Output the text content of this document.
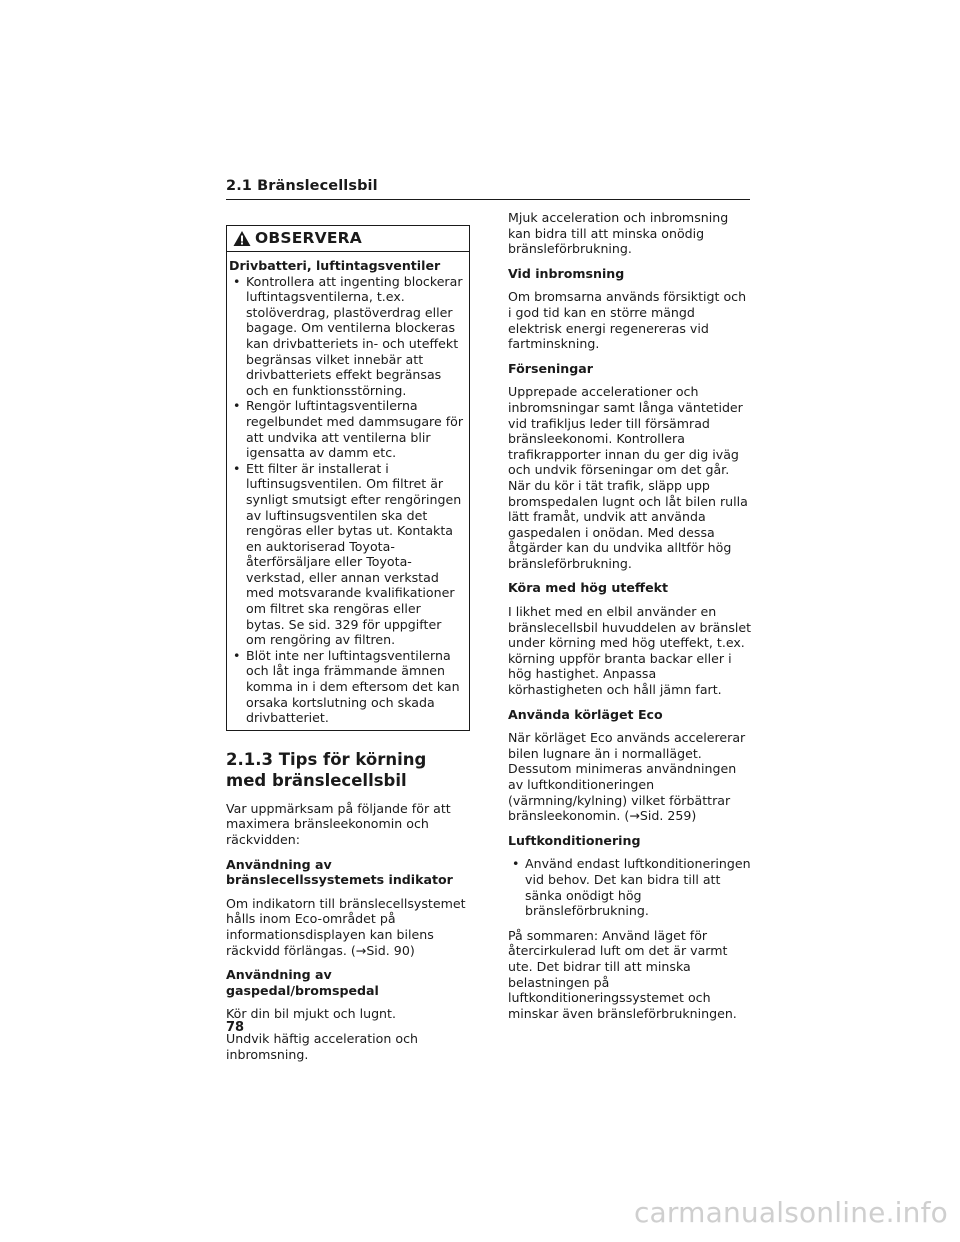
2.1 Bränslecellsbil
OBSERVERA
Drivbatteri, luftintagsventiler
• Kontrollera att ingenting blockerar luftintagsventilerna, t.ex. stolöverdrag, plastöverdrag eller bagage. Om ventilerna blockeras kan drivbatteriets in- och uteffekt begränsas vilket innebär att drivbatteriets effekt begränsas och en funktionsstörning.
• Rengör luftintagsventilerna regelbundet med dammsugare för att undvika att ventilerna blir igensatta av damm etc.
• Ett filter är installerat i luftinsugsventilen. Om filtret är synligt smutsigt efter rengöringen av luftinsugsventilen ska det rengöras eller bytas ut. Kontakta en auktoriserad Toyota-återförsäljare eller Toyota-verkstad, eller annan verkstad med motsvarande kvalifikationer om filtret ska rengöras eller bytas. Se sid. 329 för uppgifter om rengöring av filtren.
• Blöt inte ner luftintagsventilerna och låt inga främmande ämnen komma in i dem eftersom det kan orsaka kortslutning och skada drivbatteriet.
2.1.3 Tips för körning med bränslecellsbil

Var uppmärksam på följande för att maximera bränsleekonomin och räckvidden:

Användning av bränslecellssystemets indikator

Om indikatorn till bränslecellsystemet hålls inom Eco-området på informationsdisplayen kan bilens räckvidd förlängas. (→Sid. 90)

Användning av gaspedal/bromspedal

Kör din bil mjukt och lugnt.

Undvik häftig acceleration och inbromsning.

Mjuk acceleration och inbromsning kan bidra till att minska onödig bränsleförbrukning.

Vid inbromsning

Om bromsarna används försiktigt och i god tid kan en större mängd elektrisk energi regenereras vid fartminskning.

Förseningar

Upprepade accelerationer och inbromsningar samt långa väntetider vid trafikljus leder till försämrad bränsleekonomi. Kontrollera trafikrapporter innan du ger dig iväg och undvik förseningar om det går. När du kör i tät trafik, släpp upp bromspedalen lugnt och låt bilen rulla lätt framåt, undvik att använda gaspedalen i onödan. Med dessa åtgärder kan du undvika alltför hög bränsleförbrukning.

Köra med hög uteffekt

I likhet med en elbil använder en bränslecellsbil huvuddelen av bränslet under körning med hög uteffekt, t.ex. körning uppför branta backar eller i hög hastighet. Anpassa körhastigheten och håll jämn fart.

Använda körläget Eco

När körläget Eco används accelererar bilen lugnare än i normalläget. Dessutom minimeras användningen av luftkonditioneringen (värmning/kylning) vilket förbättrar bränsleekonomin. (→Sid. 259)

Luftkonditionering
• Använd endast luftkonditioneringen vid behov. Det kan bidra till att sänka onödigt hög bränsleförbrukning.

På sommaren: Använd läget för återcirkulerad luft om det är varmt ute. Det bidrar till att minska belastningen på luftkonditioneringssystemet och minskar även bränsleförbrukningen.

78
carmanualsonline.info
